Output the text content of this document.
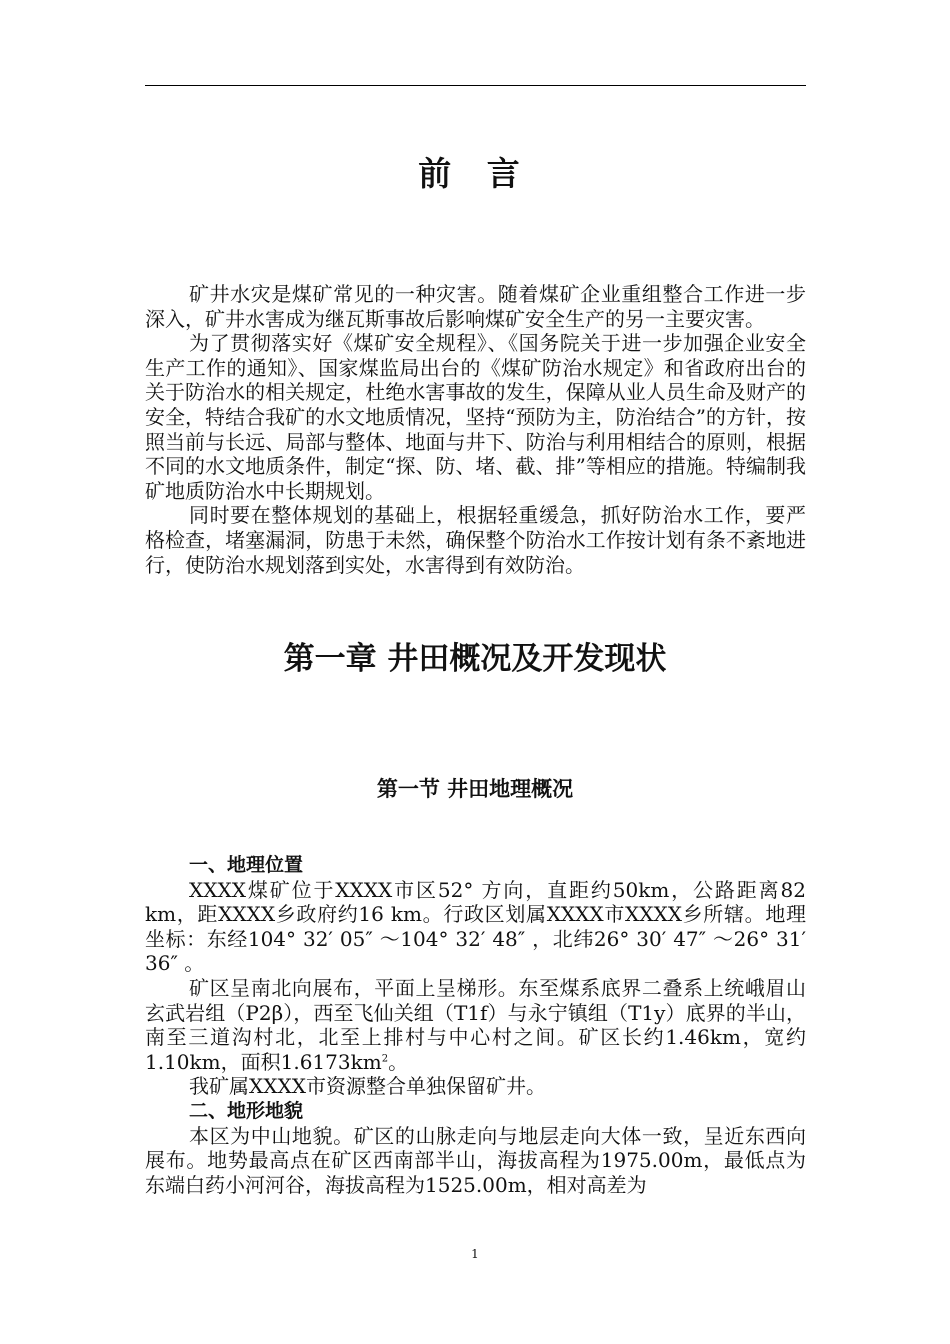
前 言

矿井水灾是煤矿常见的一种灾害。随着煤矿企业重组整合工作进一步深入，矿井水害成为继瓦斯事故后影响煤矿安全生产的另一主要灾害。

为了贯彻落实好《煤矿安全规程》、《国务院关于进一步加强企业安全生产工作的通知》、国家煤监局出台的《煤矿防治水规定》和省政府出台的关于防治水的相关规定，杜绝水害事故的发生，保障从业人员生命及财产的安全，特结合我矿的水文地质情况，坚持“预防为主，防治结合”的方针，按照当前与长远、局部与整体、地面与井下、防治与利用相结合的原则，根据不同的水文地质条件，制定“探、防、堵、截、排”等相应的措施。特编制我矿地质防治水中长期规划。

同时要在整体规划的基础上，根据轻重缓急，抓好防治水工作，要严格检查，堵塞漏洞，防患于未然，确保整个防治水工作按计划有条不紊地进行，使防治水规划落到实处，水害得到有效防治。

第一章 井田概况及开发现状
第一节 井田地理概况
一、地理位置

XXXX煤矿位于XXXX市区52° 方向，直距约50km，公路距离82 km，距XXXX乡政府约16 km。行政区划属XXXX市XXXX乡所辖。地理坐标：东经104° 32′ 05″ ～104° 32′ 48″ ，北纬26° 30′ 47″ ～26° 31′ 36″ 。

矿区呈南北向展布，平面上呈梯形。东至煤系底界二叠系上统峨眉山玄武岩组（P2β），西至飞仙关组（T1f）与永宁镇组（T1y）底界的半山，南至三道沟村北，北至上排村与中心村之间。矿区长约1.46km，宽约1.10km，面积$1.6173km^2$。

我矿属XXXX市资源整合单独保留矿井。

二、地形地貌

本区为中山地貌。矿区的山脉走向与地层走向大体一致，呈近东西向展布。地势最高点在矿区西南部半山，海拔高程为1975.00m，最低点为东端白药小河河谷，海拔高程为1525.00m，相对高差为

1
